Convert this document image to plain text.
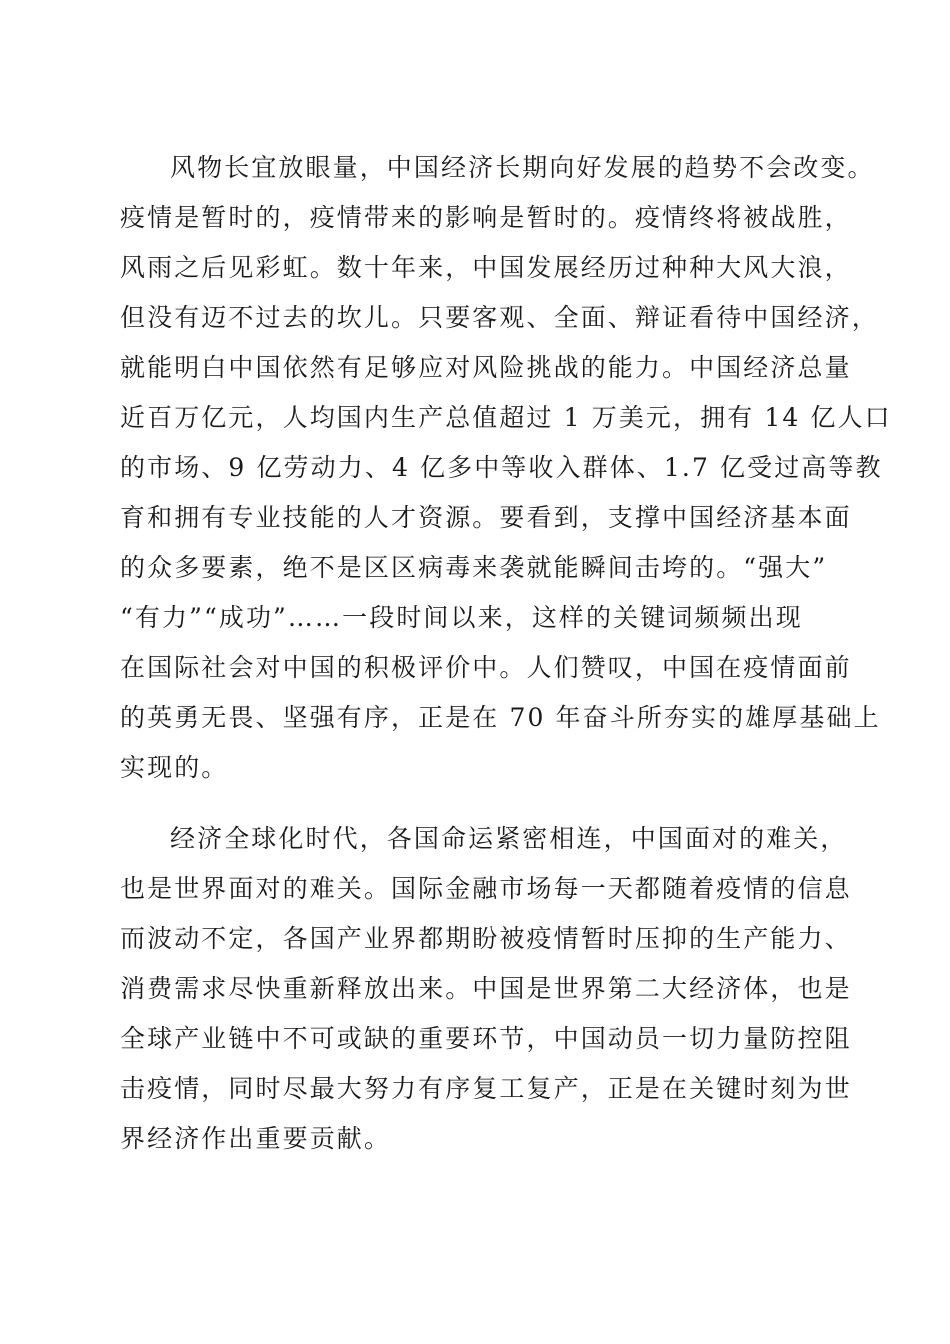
风物长宜放眼量，中国经济长期向好发展的趋势不会改变。
疫情是暂时的，疫情带来的影响是暂时的。疫情终将被战胜，
风雨之后见彩虹。数十年来，中国发展经历过种种大风大浪，
但没有迈不过去的坎儿。只要客观、全面、辩证看待中国经济，
就能明白中国依然有足够应对风险挑战的能力。中国经济总量
近百万亿元，人均国内生产总值超过 1 万美元，拥有 14 亿人口
的市场、9 亿劳动力、4 亿多中等收入群体、1.7 亿受过高等教
育和拥有专业技能的人才资源。要看到，支撑中国经济基本面
的众多要素，绝不是区区病毒来袭就能瞬间击垮的。“强大”
“有力”“成功”……一段时间以来，这样的关键词频频出现
在国际社会对中国的积极评价中。人们赞叹，中国在疫情面前
的英勇无畏、坚强有序，正是在 70 年奋斗所夯实的雄厚基础上
实现的。
经济全球化时代，各国命运紧密相连，中国面对的难关，
也是世界面对的难关。国际金融市场每一天都随着疫情的信息
而波动不定，各国产业界都期盼被疫情暂时压抑的生产能力、
消费需求尽快重新释放出来。中国是世界第二大经济体，也是
全球产业链中不可或缺的重要环节，中国动员一切力量防控阻
击疫情，同时尽最大努力有序复工复产，正是在关键时刻为世
界经济作出重要贡献。
